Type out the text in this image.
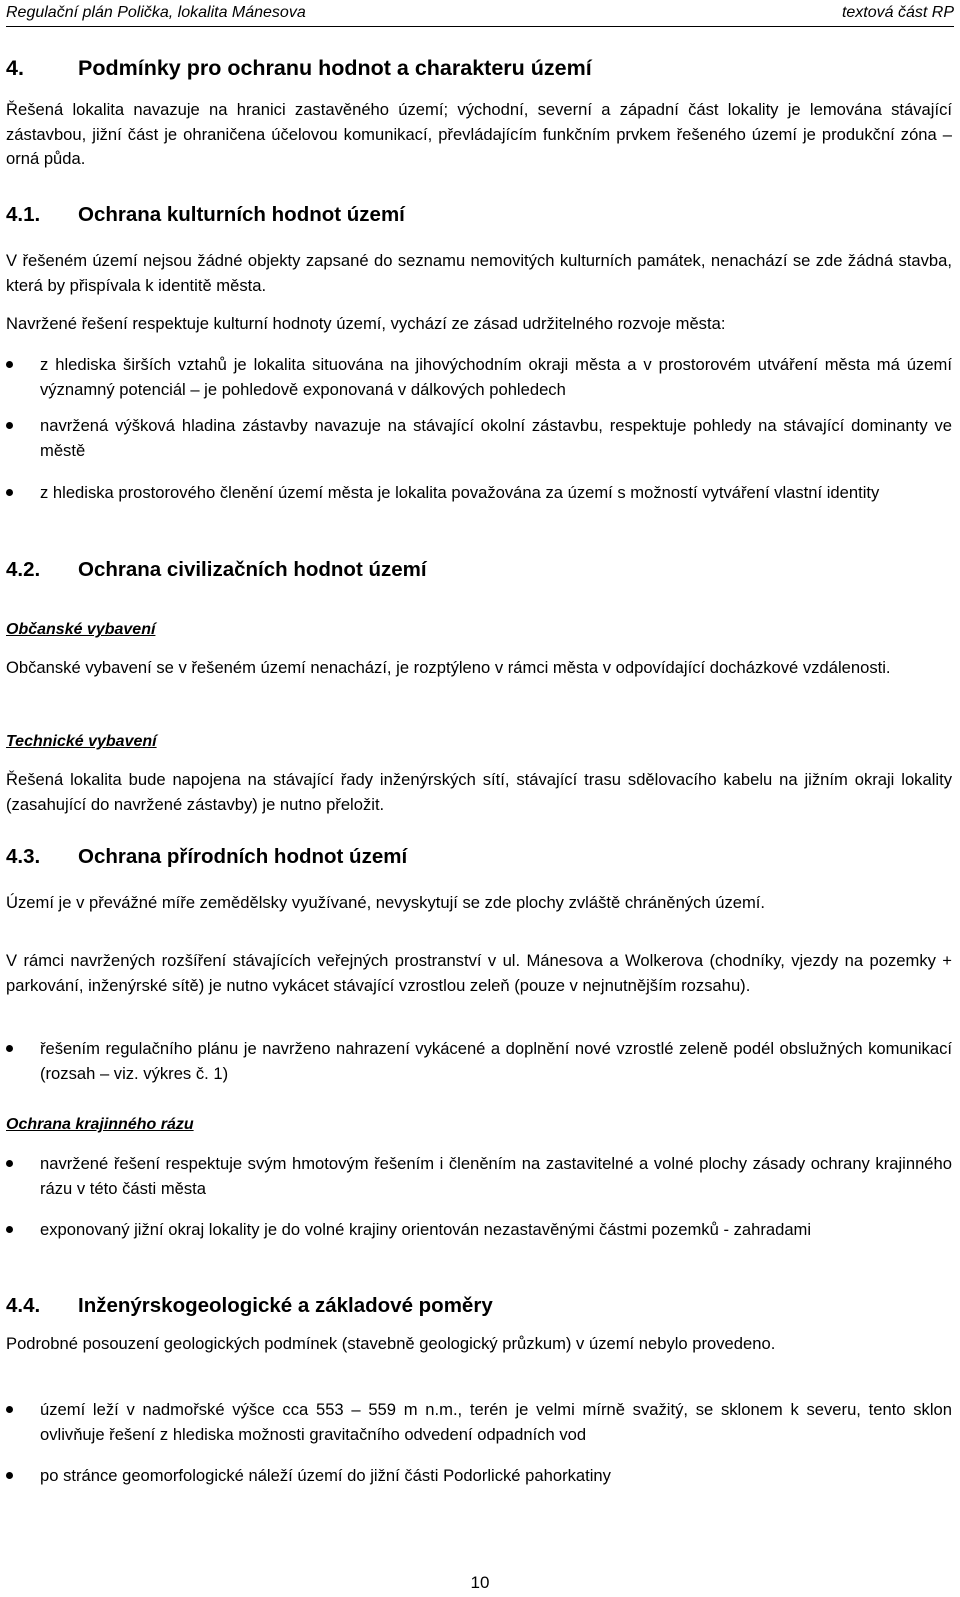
Regulační plán Polička, lokalita Mánesova	textová část RP
4.	Podmínky pro ochranu hodnot a charakteru území

Řešená lokalita navazuje na hranici zastavěného území; východní, severní a západní část lokality je lemována stávající zástavbou, jižní část je ohraničena účelovou komunikací, převládajícím funkčním prvkem řešeného území je produkční zóna – orná půda.

4.1. Ochrana kulturních hodnot území

V řešeném území nejsou žádné objekty zapsané do seznamu nemovitých kulturních památek, nenachází se zde žádná stavba, která by přispívala k identitě města.

Navržené řešení respektuje kulturní hodnoty území, vychází ze zásad udržitelného rozvoje města:

z hlediska širších vztahů je lokalita situována na jihovýchodním okraji města a v prostorovém utváření města má území významný potenciál – je pohledově exponovaná v dálkových pohledech

navržená výšková hladina zástavby navazuje na stávající okolní zástavbu, respektuje pohledy na stávající dominanty ve městě

z hlediska prostorového členění území města je lokalita považována za území s možností vytváření vlastní identity

4.2. Ochrana civilizačních hodnot území
Občanské vybavení

Občanské vybavení se v řešeném území nenachází, je rozptýleno v rámci města v odpovídající docházkové vzdálenosti.

Technické vybavení

Řešená lokalita bude napojena na stávající řady inženýrských sítí, stávající trasu sdělovacího kabelu na jižním okraji lokality (zasahující do navržené zástavby) je nutno přeložit.

4.3. Ochrana přírodních hodnot území

Území je v převážné míře zemědělsky využívané, nevyskytují se zde plochy zvláště chráněných území.

V rámci navržených rozšíření stávajících veřejných prostranství v ul. Mánesova a Wolkerova (chodníky, vjezdy na pozemky + parkování, inženýrské sítě) je nutno vykácet stávající vzrostlou zeleň (pouze v nejnutnějším rozsahu).

řešením regulačního plánu je navrženo nahrazení vykácené a doplnění nové vzrostlé zeleně podél obslužných komunikací (rozsah – viz. výkres č. 1)

Ochrana krajinného rázu

navržené řešení respektuje svým hmotovým řešením i členěním na zastavitelné a volné plochy zásady ochrany krajinného rázu v této části města

exponovaný jižní okraj lokality je do volné krajiny orientován nezastavěnými částmi pozemků - zahradami

4.4. Inženýrskogeologické a základové poměry

Podrobné posouzení geologických podmínek (stavebně geologický průzkum) v území nebylo provedeno.

území leží v nadmořské výšce cca 553 – 559 m n.m., terén je velmi mírně svažitý, se sklonem k severu, tento sklon ovlivňuje řešení z hlediska možnosti gravitačního odvedení odpadních vod

po stránce geomorfologické náleží území do jižní části Podorlické pahorkatiny

10
